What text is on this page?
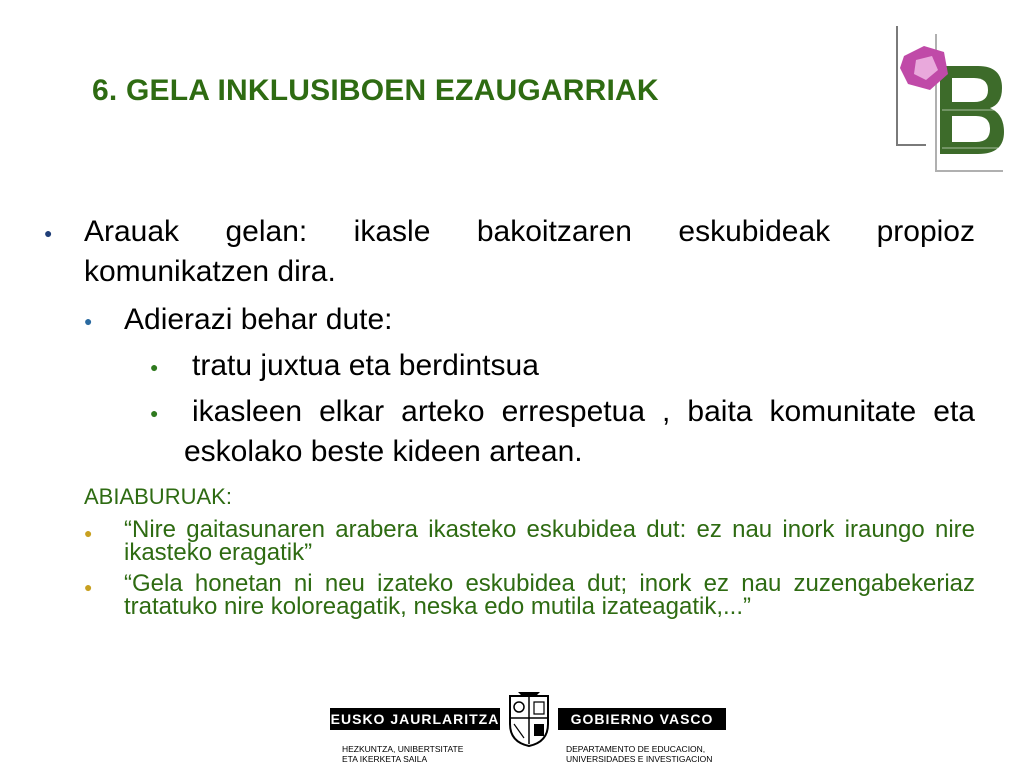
6. GELA INKLUSIBOEN EZAUGARRIAK
● Arauak gelan: ikasle bakoitzaren eskubideak propioz komunikatzen dira.
● Adierazi behar dute:
● tratu juxtua eta berdintsua
● ikasleen elkar arteko errespetua , baita komunitate eta eskolako beste kideen artean.
ABIABURUAK:
● “Nire gaitasunaren arabera ikasteko eskubidea dut: ez nau inork iraungo nire ikasteko eragatik”
● “Gela honetan ni neu izateko eskubidea dut; inork ez nau zuzengabekeriaz tratatuko nire koloreagatik, neska edo mutila izateagatik,...”
EUSKO JAURLARITZA	GOBIERNO VASCO
HEZKUNTZA, UNIBERTSITATE
ETA IKERKETA SAILA
DEPARTAMENTO DE EDUCACION,
UNIVERSIDADES E INVESTIGACION
